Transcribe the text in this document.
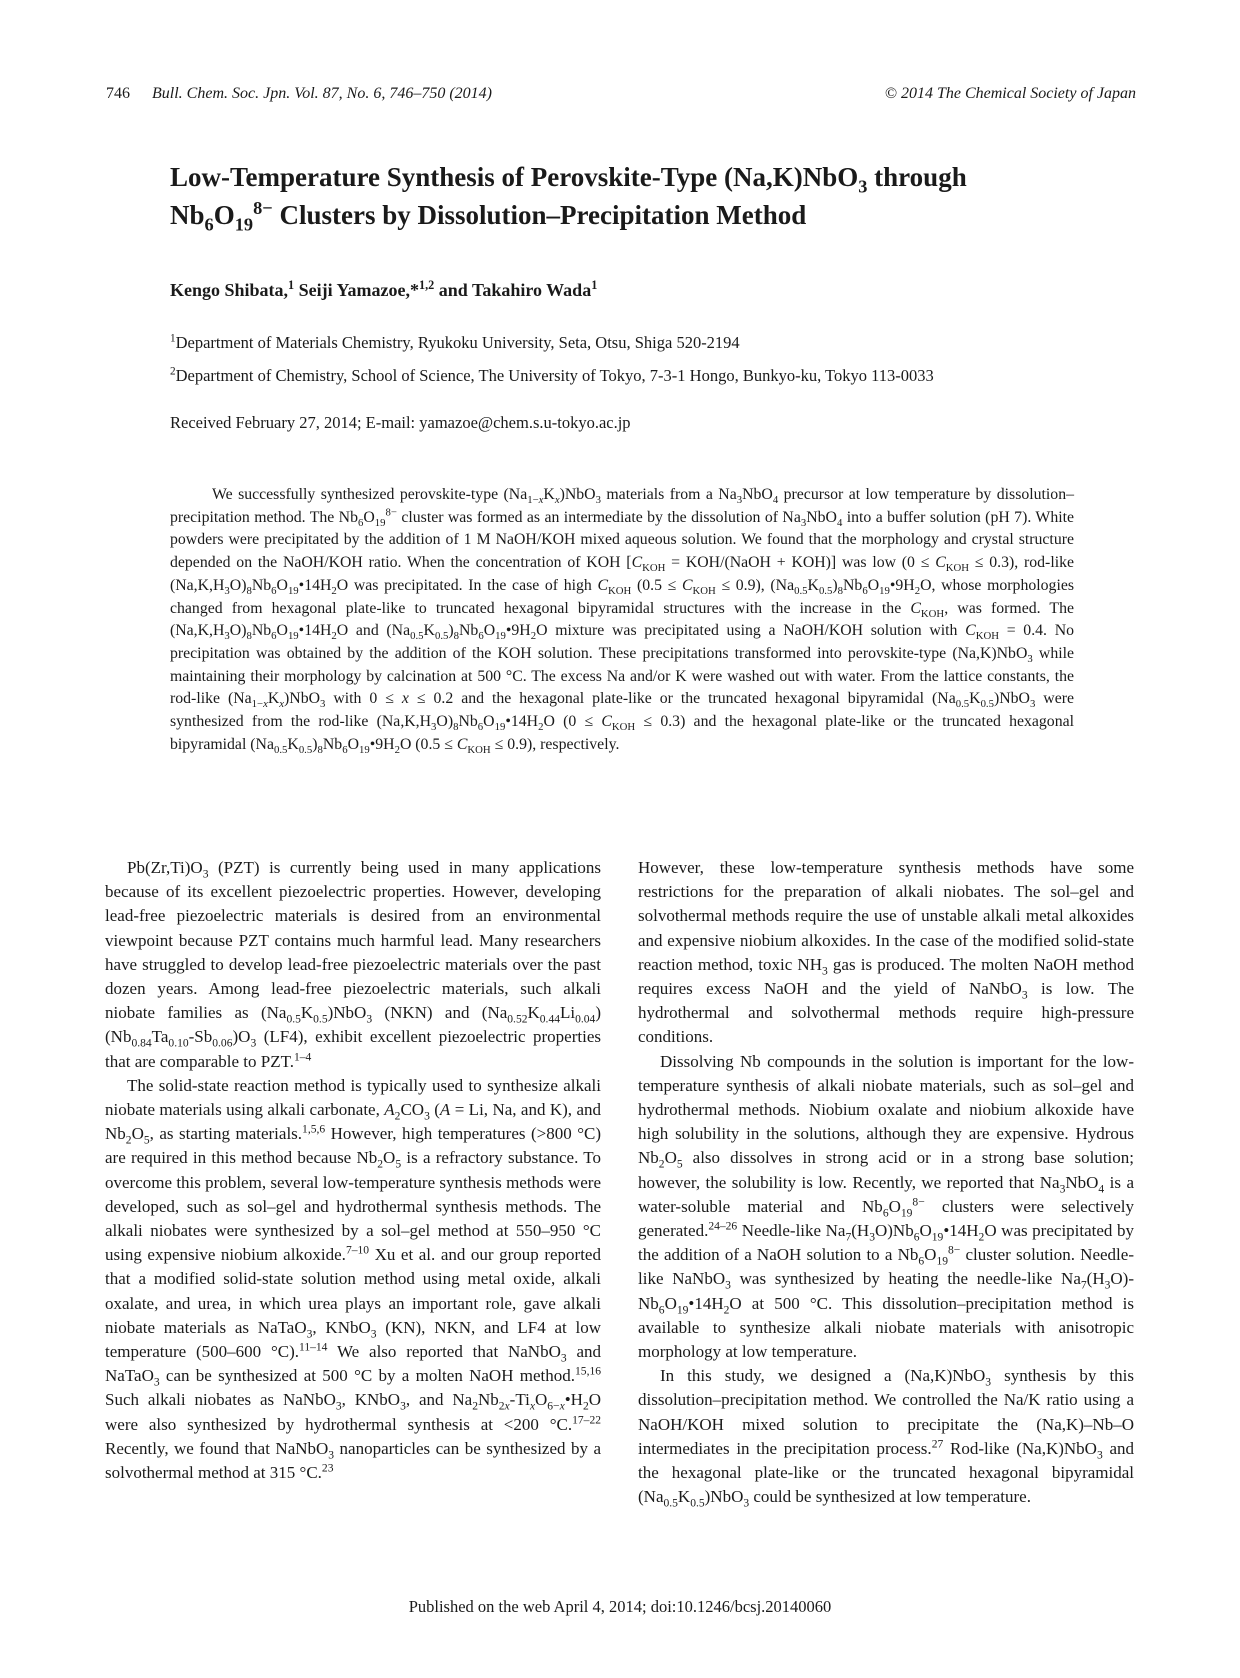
746 Bull. Chem. Soc. Jpn. Vol. 87, No. 6, 746–750 (2014)	© 2014 The Chemical Society of Japan
Low-Temperature Synthesis of Perovskite-Type (Na,K)NbO$_3$ through $Nb_6O_{19}^{8-}$ Clusters by Dissolution–Precipitation Method
Kengo Shibata,$^1$ Seiji Yamazoe,*$^{1,2}$ and Takahiro Wada$^1$
$^1$Department of Materials Chemistry, Ryukoku University, Seta, Otsu, Shiga 520-2194
$^2$Department of Chemistry, School of Science, The University of Tokyo, 7-3-1 Hongo, Bunkyo-ku, Tokyo 113-0033
Received February 27, 2014; E-mail: yamazoe@chem.s.u-tokyo.ac.jp

We successfully synthesized perovskite-type $(Na_{1-x}K_x)NbO_3$ materials from a $Na_3NbO_4$ precursor at low temperature by dissolution–precipitation method. The $Nb_6O_{19}^{8-}$ cluster was formed as an intermediate by the dissolution of $Na_3NbO_4$ into a buffer solution (pH 7). White powders were precipitated by the addition of 1 M NaOH/KOH mixed aqueous solution. We found that the morphology and crystal structure depended on the NaOH/KOH ratio. When the concentration of KOH [$C_{KOH}$ = KOH/(NaOH + KOH)] was low $(0 \le C_{KOH} \le 0.3)$, rod-like $(Na,K,H_3O)_8Nb_6O_{19}•14H_2O$ was precipitated. In the case of high $C_{KOH}$ $(0.5 \le C_{KOH} \le 0.9)$, $(Na_{0.5}K_{0.5})_8Nb_6O_{19}•9H_2O$, whose morphologies changed from hexagonal plate-like to truncated hexagonal bipyramidal structures with the increase in the $C_{KOH}$, was formed. The $(Na,K,H_3O)_8Nb_6O_{19}•14H_2O$ and $(Na_{0.5}K_{0.5})_8Nb_6O_{19}•9H_2O$ mixture was precipitated using a NaOH/KOH solution with $C_{KOH} = 0.4$. No precipitation was obtained by the addition of the KOH solution. These precipitations transformed into perovskite-type (Na,K)NbO$_3$ while maintaining their morphology by calcination at 500 °C. The excess Na and/or K were washed out with water. From the lattice constants, the rod-like $(Na_{1-x}K_x)NbO_3$ with 0 ≤ x ≤ 0.2 and the hexagonal plate-like or the truncated hexagonal bipyramidal $(Na_{0.5}K_{0.5})NbO_3$ were synthesized from the rod-like $(Na,K,H_3O)_8Nb_6O_{19}•14H_2O$ $(0 \le C_{KOH} \le 0.3)$ and the hexagonal plate-like or the truncated hexagonal bipyramidal $(Na_{0.5}K_{0.5})_8Nb_6O_{19}•9H_2O$ $(0.5 \le C_{KOH} \le 0.9)$, respectively.

$Pb(Zr,Ti)O_3$ (PZT) is currently being used in many applications because of its excellent piezoelectric properties. However, developing lead-free piezoelectric materials is desired from an environmental viewpoint because PZT contains much harmful lead. Many researchers have struggled to develop lead-free piezoelectric materials over the past dozen years. Among lead-free piezoelectric materials, such alkali niobate families as $(Na_{0.5}K_{0.5})NbO_3$ (NKN) and $(Na_{0.52}K_{0.44}Li_{0.04})(Nb_{0.84}Ta_{0.10}-Sb_{0.06})O_3$ (LF4), exhibit excellent piezoelectric properties that are comparable to PZT.$^{1-4}$

The solid-state reaction method is typically used to synthesize alkali niobate materials using alkali carbonate, $A_2CO_3$ (A = Li, Na, and K), and $Nb_2O_5$, as starting materials.$^{1,5,6}$ However, high temperatures (>800 °C) are required in this method because $Nb_2O_5$ is a refractory substance. To overcome this problem, several low-temperature synthesis methods were developed, such as sol–gel and hydrothermal synthesis methods. The alkali niobates were synthesized by a sol–gel method at 550–950 °C using expensive niobium alkoxide.$^{7-10}$ Xu et al. and our group reported that a modified solid-state solution method using metal oxide, alkali oxalate, and urea, in which urea plays an important role, gave alkali niobate materials as NaTaO$_3$, KNbO$_3$ (KN), NKN, and LF4 at low temperature (500–600 °C).$^{11-14}$ We also reported that NaNbO$_3$ and NaTaO$_3$ can be synthesized at 500 °C by a molten NaOH method.$^{15,16}$ Such alkali niobates as NaNbO$_3$, KNbO$_3$, and $Na_2Nb_{2x}-Ti_xO_{6-x}•H_2O$ were also synthesized by hydrothermal synthesis at <200 °C.$^{17-22}$ Recently, we found that NaNbO$_3$ nanoparticles can be synthesized by a solvothermal method at 315 °C.$^{23}$

However, these low-temperature synthesis methods have some restrictions for the preparation of alkali niobates. The sol–gel and solvothermal methods require the use of unstable alkali metal alkoxides and expensive niobium alkoxides. In the case of the modified solid-state reaction method, toxic $NH_3$ gas is produced. The molten NaOH method requires excess NaOH and the yield of NaNbO$_3$ is low. The hydrothermal and solvothermal methods require high-pressure conditions.

Dissolving Nb compounds in the solution is important for the low-temperature synthesis of alkali niobate materials, such as sol–gel and hydrothermal methods. Niobium oxalate and niobium alkoxide have high solubility in the solutions, although they are expensive. Hydrous $Nb_2O_5$ also dissolves in strong acid or in a strong base solution; however, the solubility is low. Recently, we reported that $Na_3NbO_4$ is a water-soluble material and $Nb_6O_{19}^{8-}$ clusters were selectively generated.$^{24-26}$ Needle-like $Na_7(H_3O)Nb_6O_{19}•14H_2O$ was precipitated by the addition of a NaOH solution to a $Nb_6O_{19}^{8-}$ cluster solution. Needle-like NaNbO$_3$ was synthesized by heating the needle-like $Na_7(H_3O)-Nb_6O_{19}•14H_2O$ at 500 °C. This dissolution–precipitation method is available to synthesize alkali niobate materials with anisotropic morphology at low temperature.

In this study, we designed a (Na,K)NbO$_3$ synthesis by this dissolution–precipitation method. We controlled the Na/K ratio using a NaOH/KOH mixed solution to precipitate the (Na,K)–Nb–O intermediates in the precipitation process.$^{27}$ Rod-like (Na,K)NbO$_3$ and the hexagonal plate-like or the truncated hexagonal bipyramidal $(Na_{0.5}K_{0.5})NbO_3$ could be synthesized at low temperature.

Published on the web April 4, 2014; doi:10.1246/bcsj.20140060
